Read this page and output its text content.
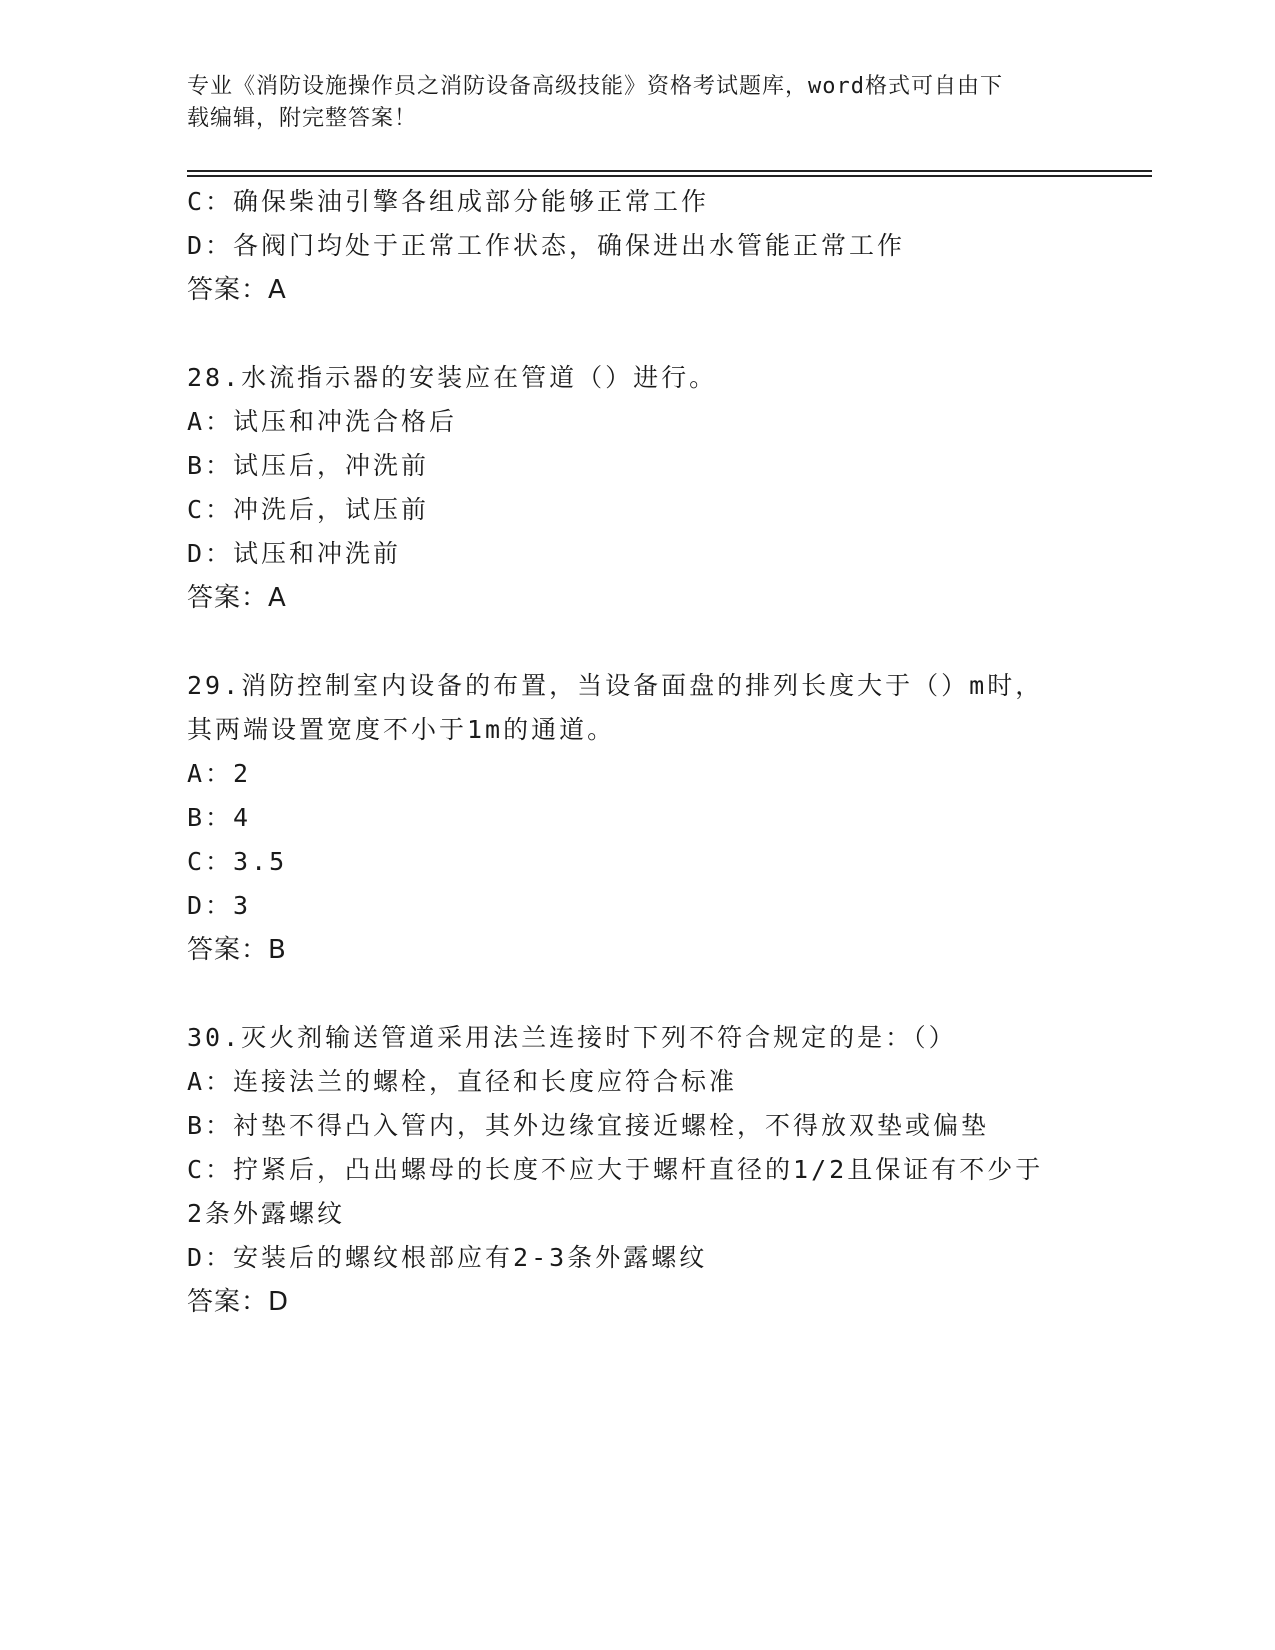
专业《消防设施操作员之消防设备高级技能》资格考试题库，word格式可自由下
载编辑，附完整答案！
C：确保柴油引擎各组成部分能够正常工作
D：各阀门均处于正常工作状态，确保进出水管能正常工作
答案：A
28.水流指示器的安装应在管道（）进行。
A：试压和冲洗合格后
B：试压后，冲洗前
C：冲洗后，试压前
D：试压和冲洗前
答案：A
29.消防控制室内设备的布置，当设备面盘的排列长度大于（）m时，
其两端设置宽度不小于1m的通道。
A：2
B：4
C：3.5
D：3
答案：B
30.灭火剂输送管道采用法兰连接时下列不符合规定的是：（）
A：连接法兰的螺栓，直径和长度应符合标准
B：衬垫不得凸入管内，其外边缘宜接近螺栓，不得放双垫或偏垫
C：拧紧后，凸出螺母的长度不应大于螺杆直径的1/2且保证有不少于
2条外露螺纹
D：安装后的螺纹根部应有2-3条外露螺纹
答案：D
